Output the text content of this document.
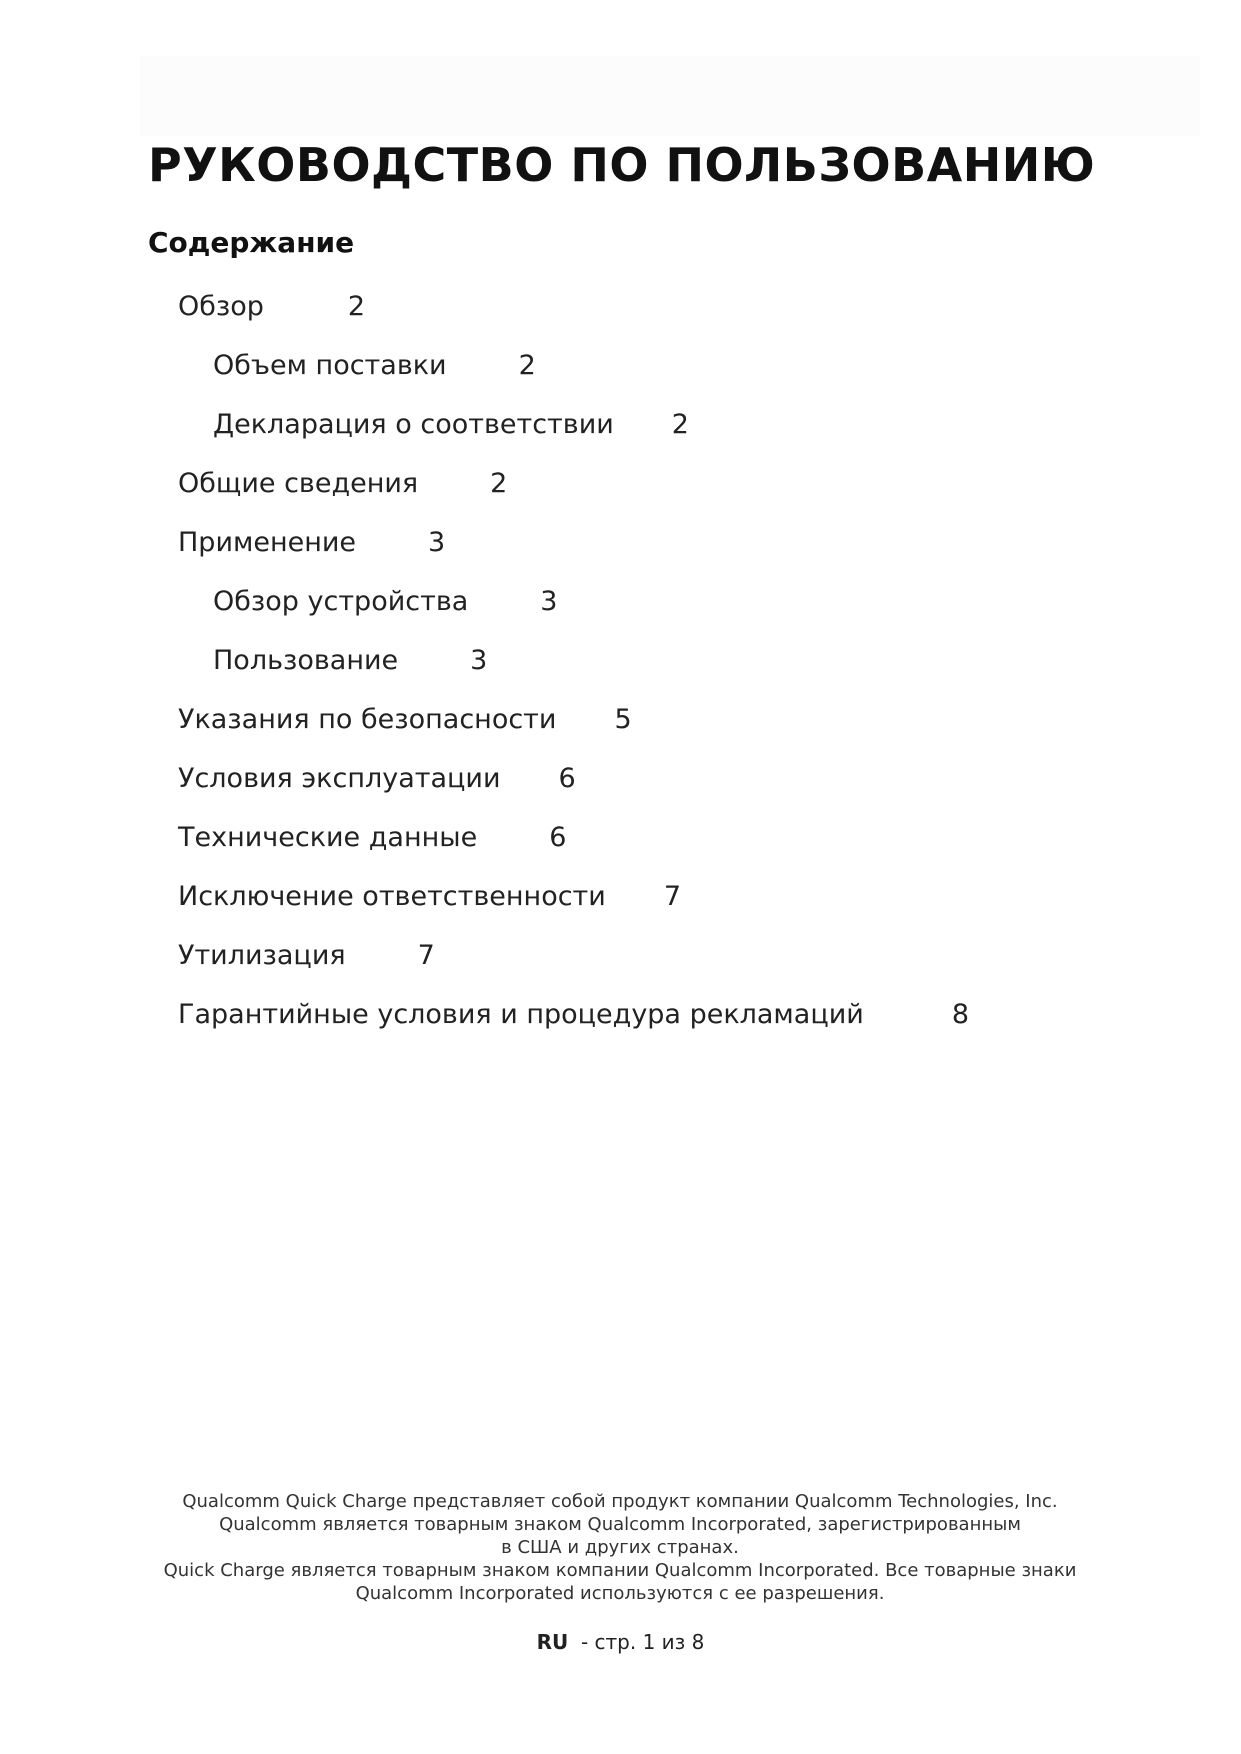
РУКОВОДСТВО ПО ПОЛЬЗОВАНИЮ
Содержание
Обзор	2
Объем поставки	2
Декларация о соответствии 2
Общие сведения	2
Применение	3
Обзор устройства	3
Пользование	3
Указания по безопасности 5
Условия эксплуатации 6
Технические данные	6
Исключение ответственности 7
Утилизация	7
Гарантийные условия и процедура рекламаций	8
Qualcomm Quick Charge представляет собой продукт компании Qualcomm Technologies, Inc.
Qualcomm является товарным знаком Qualcomm Incorporated, зарегистрированным
в США и других странах.
Quick Charge является товарным знаком компании Qualcomm Incorporated. Все товарные знаки
Qualcomm Incorporated используются с ее разрешения.
RU - стр. 1 из 8
